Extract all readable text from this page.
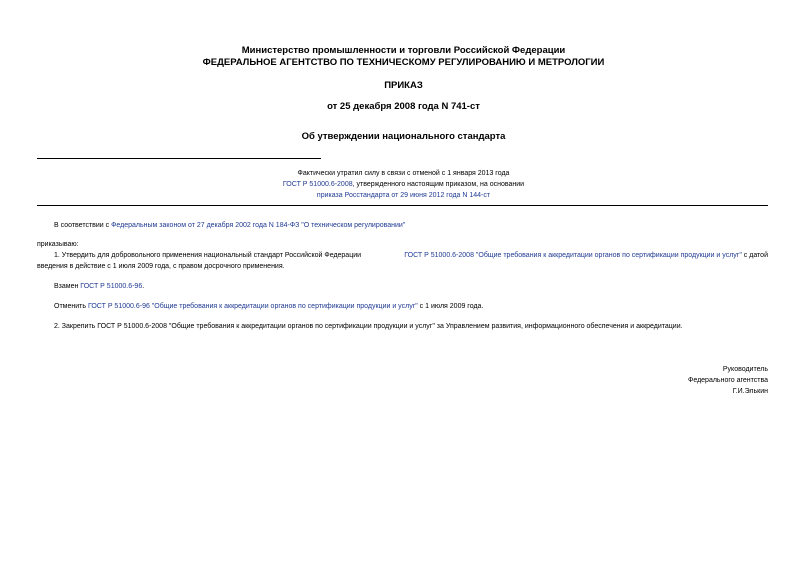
Министерство промышленности и торговли Российской Федерации
ФЕДЕРАЛЬНОЕ АГЕНТСТВО ПО ТЕХНИЧЕСКОМУ РЕГУЛИРОВАНИЮ И МЕТРОЛОГИИ
ПРИКАЗ
от 25 декабря 2008 года N 741-ст
Об утверждении национального стандарта
Фактически утратил силу в связи с отменой с 1 января 2013 года
ГОСТ Р 51000.6-2008, утвержденного настоящим приказом, на основании
приказа Росстандарта от 29 июня 2012 года N 144-ст
В соответствии с Федеральным законом от 27 декабря 2002 года N 184-ФЗ "О техническом регулировании"
приказываю:
1. Утвердить для добровольного применения национальный стандарт Российской Федерации	ГОСТ Р 51000.6-2008 "Общие требования к аккредитации органов по сертификации продукции и услуг" с датой
введения в действие с 1 июля 2009 года, с правом досрочного применения.
Взамен ГОСТ Р 51000.6-96.
Отменить ГОСТ Р 51000.6-96 "Общие требования к аккредитации органов по сертификации продукции и услуг" с 1 июля 2009 года.
2. Закрепить ГОСТ Р 51000.6-2008 "Общие требования к аккредитации органов по сертификации продукции и услуг" за Управлением развития, информационного обеспечения и аккредитации.
Руководитель
Федерального агентства
Г.И.Элькин
